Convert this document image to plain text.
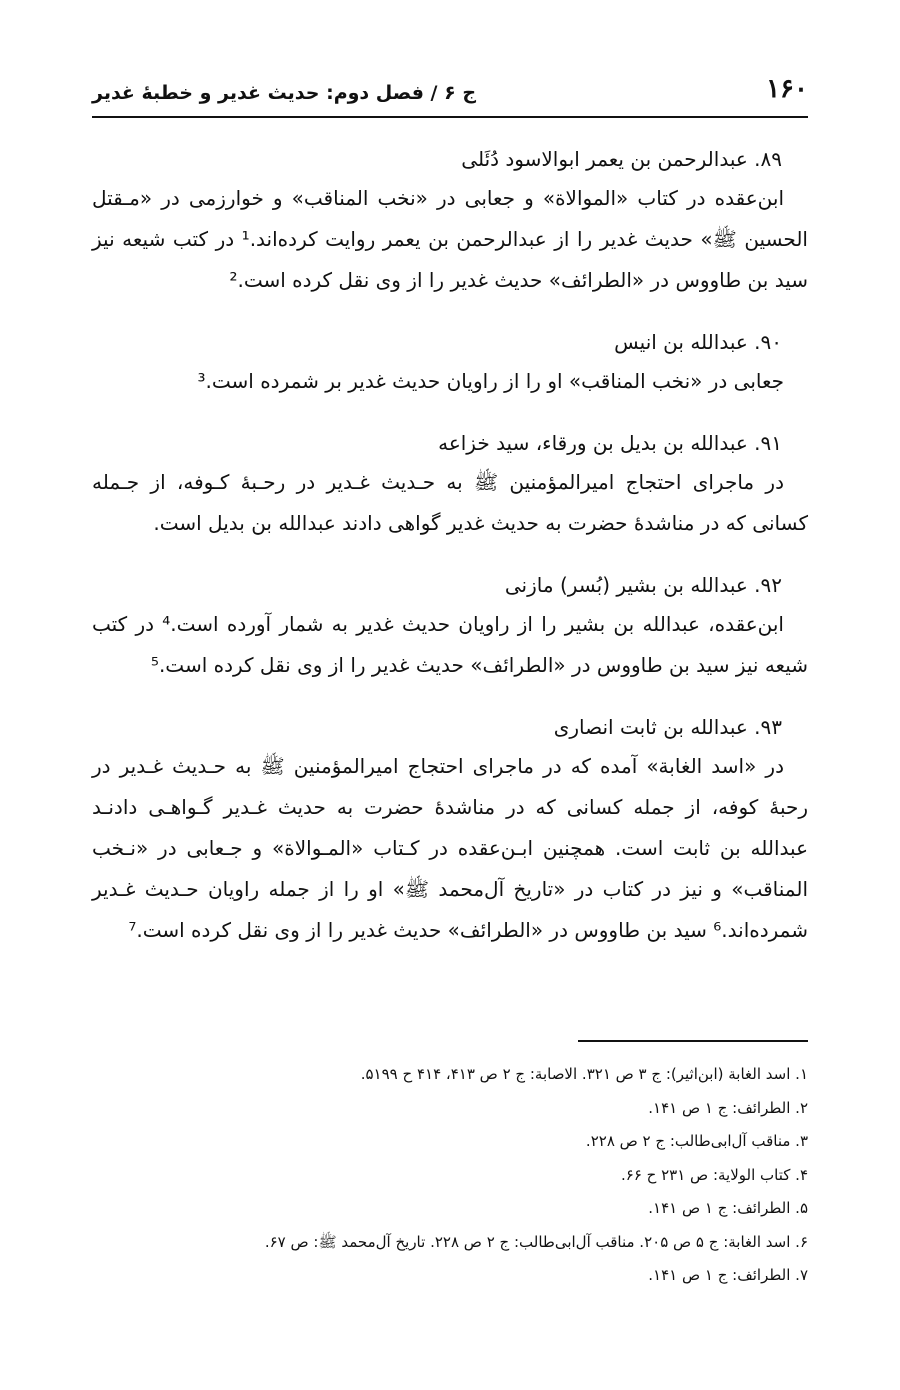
۱۶۰
ج ۶ / فصل دوم: حدیث غدیر و خطبهٔ غدیر

۸۹. عبدالرحمن بن یعمر ابوالاسود دُئَلی

ابن‌عقده در کتاب «الموالاة» و جعابی در «نخب المناقب» و خوارزمی در «مـقتل الحسین ﷺ» حدیث غدیر را از عبدالرحمن بن یعمر روایت کرده‌اند.¹ در کتب شیعه نیز سید بن طاووس در «الطرائف» حدیث غدیر را از وی نقل کرده است.²

۹۰. عبدالله بن انیس

جعابی در «نخب المناقب» او را از راویان حدیث غدیر بر شمرده است.³

۹۱. عبدالله بن بدیل بن ورقاء، سید خزاعه

در ماجرای احتجاج امیرالمؤمنین ﷺ به حـدیث غـدیر در رحـبهٔ کـوفه، از جـمله کسانی که در مناشدهٔ حضرت به حدیث غدیر گواهی دادند عبدالله بن بدیل است.

۹۲. عبدالله بن بشیر (بُسر) مازنی

ابن‌عقده، عبدالله بن بشیر را از راویان حدیث غدیر به شمار آورده است.⁴ در کتب شیعه نیز سید بن طاووس در «الطرائف» حدیث غدیر را از وی نقل کرده است.⁵

۹۳. عبدالله بن ثابت انصاری

در «اسد الغابة» آمده که در ماجرای احتجاج امیرالمؤمنین ﷺ به حـدیث غـدیر در رحبهٔ کوفه، از جمله کسانی که در مناشدهٔ حضرت به حدیث غـدیر گـواهـی دادنـد عبدالله بن ثابت است. همچنین ابـن‌عقده در کـتاب «المـوالاة» و جـعابی در «نـخب المناقب» و نیز در کتاب در «تاریخ آل‌محمد ﷺ» او را از جمله راویان حـدیث غـدیر شمرده‌اند.⁶ سید بن طاووس در «الطرائف» حدیث غدیر را از وی نقل کرده است.⁷

۱. اسد الغابة (ابن‌اثیر): ج ۳ ص ۳۲۱. الاصابة: ج ۲ ص ۴۱۳، ۴۱۴ ح ۵۱۹۹.

۲. الطرائف: ج ۱ ص ۱۴۱.

۳. مناقب آل‌ابی‌طالب: ج ۲ ص ۲۲۸.

۴. کتاب الولایة: ص ۲۳۱ ح ۶۶.

۵. الطرائف: ج ۱ ص ۱۴۱.

۶. اسد الغابة: ج ۵ ص ۲۰۵. مناقب آل‌ابی‌طالب: ج ۲ ص ۲۲۸. تاریخ آل‌محمد ﷺ: ص ۶۷.

۷. الطرائف: ج ۱ ص ۱۴۱.
